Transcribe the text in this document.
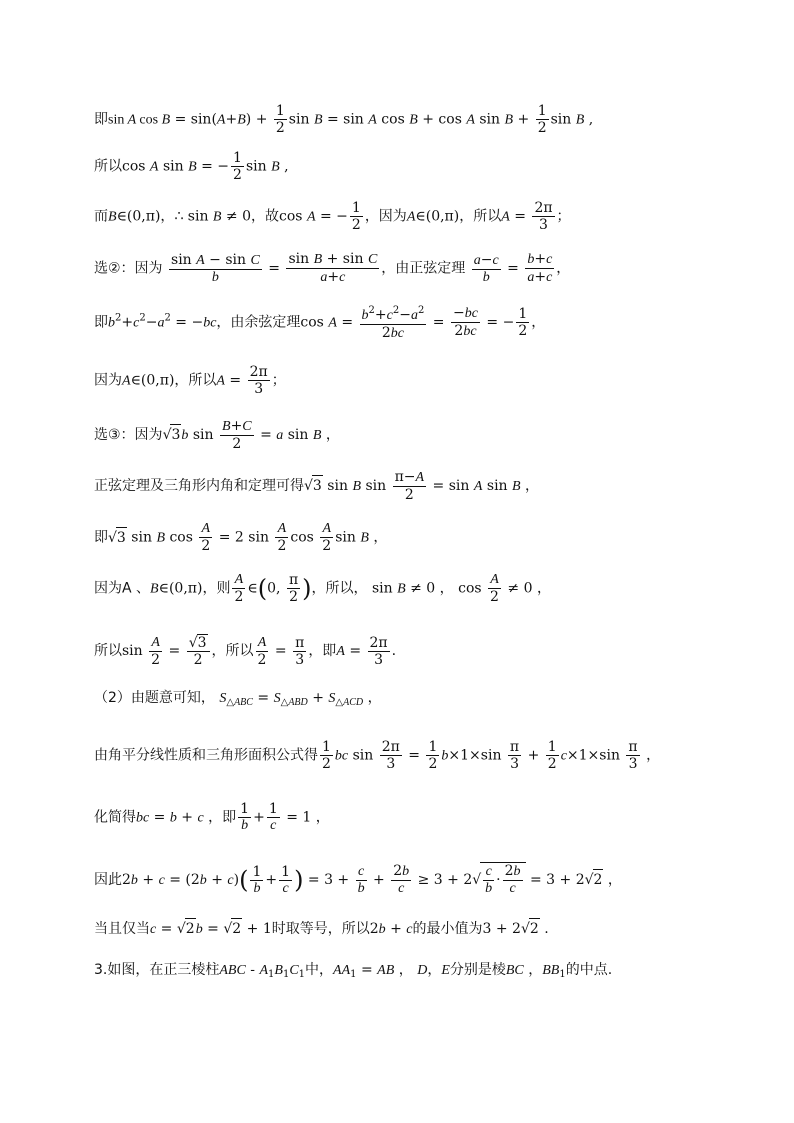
即sin A $\cos B = \sin(A+B) + \frac{1}{2}$ sin B = sin A cos B + cos A $\sin B + \frac{1}{2}$ sin B ,
所以cos A sin B = − $\frac{1}{2}$ sin B ,
而B∈(0,π)，∴ sin B ≠ 0，故cos A = − $\frac{1}{2}$ ，因为A∈(0,π)，所以$A = \frac{2\pi}{3}$ ；
选②：因为 $\frac{\text{sin A − sin C}}{b} = \frac{\text{sin B + sin C}}{a+c}$ ，由正弦定理 $\frac{a-c}{b} = \frac{b+c}{a+c}$ ，
即$b^2+c^2-a^2 = -bc$，由余弦定理$\cos A = \frac{b^2+c^2-a^2}{2bc} = \frac{-bc}{2bc}$ = − $\frac{1}{2}$ ，
因为A∈(0,π)，所以$A = \frac{2\pi}{3}$ ；
选③：因为√3b $\sin \frac{B+C}{2} = a$ sin B ，
正弦定理及三角形内角和定理可得√3 sin B $\sin \frac{\pi-A}{2} = \sin A$ sin B ，
即√3 sin B $\cos \frac{A}{2} = 2$ $\sin \frac{A}{2}$ $\cos \frac{A}{2}$ sin B ，
因为A 、B∈(0,π)，则 $\frac{A}{2}$ ∈(0, $\frac{\pi}{2}$ )，所以， sin B ≠ 0 ， $\cos \frac{A}{2} \ne 0$ ，
所以$\sin \frac{A}{2} = \frac{√3}{2}$ ，所以 $\frac{A}{2} = \frac{\pi}{3}$ ，即$A = \frac{2\pi}{3}$ .
（2）由题意可知， $S_{\triangle ABC} = S_{\triangle ABD} + S_{\triangle ACD}$ ，
由角平分线性质和三角形面积公式得 $\frac{1}{2}$ bc $\sin \frac{2\pi}{3} = \frac{1}{2} b\times 1\times\sin \frac{\pi}{3} + \frac{1}{2} c\times 1\times\sin \frac{\pi}{3}$ ，
化简得bc = b + c ，即 $\frac{1}{b} + \frac{1}{c} = 1$ ，
因此$2b + c = (2b + c)( \frac{1}{b} + \frac{1}{c}$ ) = $3 + \frac{c}{b} + \frac{2b}{c} \ge 3 + 2√ \frac{c}{b} \cdot \frac{2b}{c} = 3 + 2√2$ ，
当且仅当c = √2b = √2 + 1时取等号，所以2b + c的最小值为3 + 2√2 .
3.如图，在正三棱柱ABC - $A_1B_1C_1$中，$AA_1$ = AB ， D，E分别是棱BC ，$BB_1$的中点.
